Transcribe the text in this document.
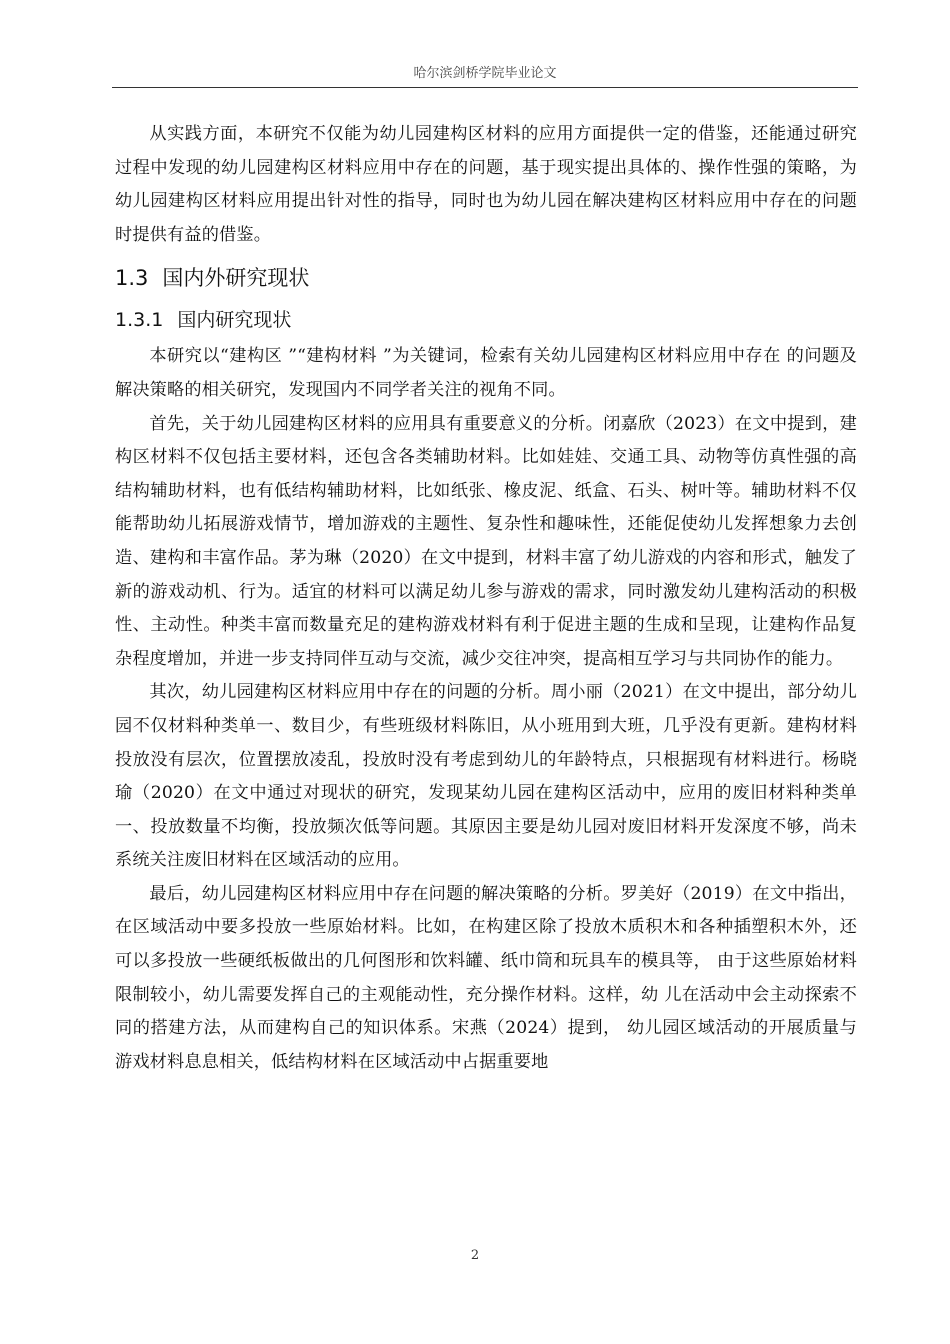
哈尔滨剑桥学院毕业论文

从实践方面，本研究不仅能为幼儿园建构区材料的应用方面提供一定的借鉴，还能通过研究过程中发现的幼儿园建构区材料应用中存在的问题，基于现实提出具体的、操作性强的策略，为幼儿园建构区材料应用提出针对性的指导，同时也为幼儿园在解决建构区材料应用中存在的问题时提供有益的借鉴。

1.3 国内外研究现状
1.3.1 国内研究现状

本研究以“建构区 ”“建构材料 ”为关键词，检索有关幼儿园建构区材料应用中存在 的问题及解决策略的相关研究，发现国内不同学者关注的视角不同。

首先，关于幼儿园建构区材料的应用具有重要意义的分析。闭嘉欣（2023）在文中提到，建构区材料不仅包括主要材料，还包含各类辅助材料。比如娃娃、交通工具、动物等仿真性强的高结构辅助材料，也有低结构辅助材料，比如纸张、橡皮泥、纸盒、石头、树叶等。辅助材料不仅能帮助幼儿拓展游戏情节，增加游戏的主题性、复杂性和趣味性，还能促使幼儿发挥想象力去创造、建构和丰富作品。茅为琳（2020）在文中提到，材料丰富了幼儿游戏的内容和形式，触发了新的游戏动机、行为。适宜的材料可以满足幼儿参与游戏的需求，同时激发幼儿建构活动的积极性、主动性。种类丰富而数量充足的建构游戏材料有利于促进主题的生成和呈现，让建构作品复杂程度增加，并进一步支持同伴互动与交流，减少交往冲突，提高相互学习与共同协作的能力。

其次，幼儿园建构区材料应用中存在的问题的分析。周小丽（2021）在文中提出，部分幼儿园不仅材料种类单一、数目少，有些班级材料陈旧，从小班用到大班，几乎没有更新。建构材料投放没有层次，位置摆放凌乱，投放时没有考虑到幼儿的年龄特点，只根据现有材料进行。杨晓瑜（2020）在文中通过对现状的研究，发现某幼儿园在建构区活动中，应用的废旧材料种类单一、投放数量不均衡，投放频次低等问题。其原因主要是幼儿园对废旧材料开发深度不够，尚未系统关注废旧材料在区域活动的应用。

最后，幼儿园建构区材料应用中存在问题的解决策略的分析。罗美好（2019）在文中指出，在区域活动中要多投放一些原始材料。比如，在构建区除了投放木质积木和各种插塑积木外，还可以多投放一些硬纸板做出的几何图形和饮料罐、纸巾筒和玩具车的模具等， 由于这些原始材料限制较小，幼儿需要发挥自己的主观能动性，充分操作材料。这样，幼 儿在活动中会主动探索不同的搭建方法，从而建构自己的知识体系。宋燕（2024）提到， 幼儿园区域活动的开展质量与游戏材料息息相关，低结构材料在区域活动中占据重要地

2
